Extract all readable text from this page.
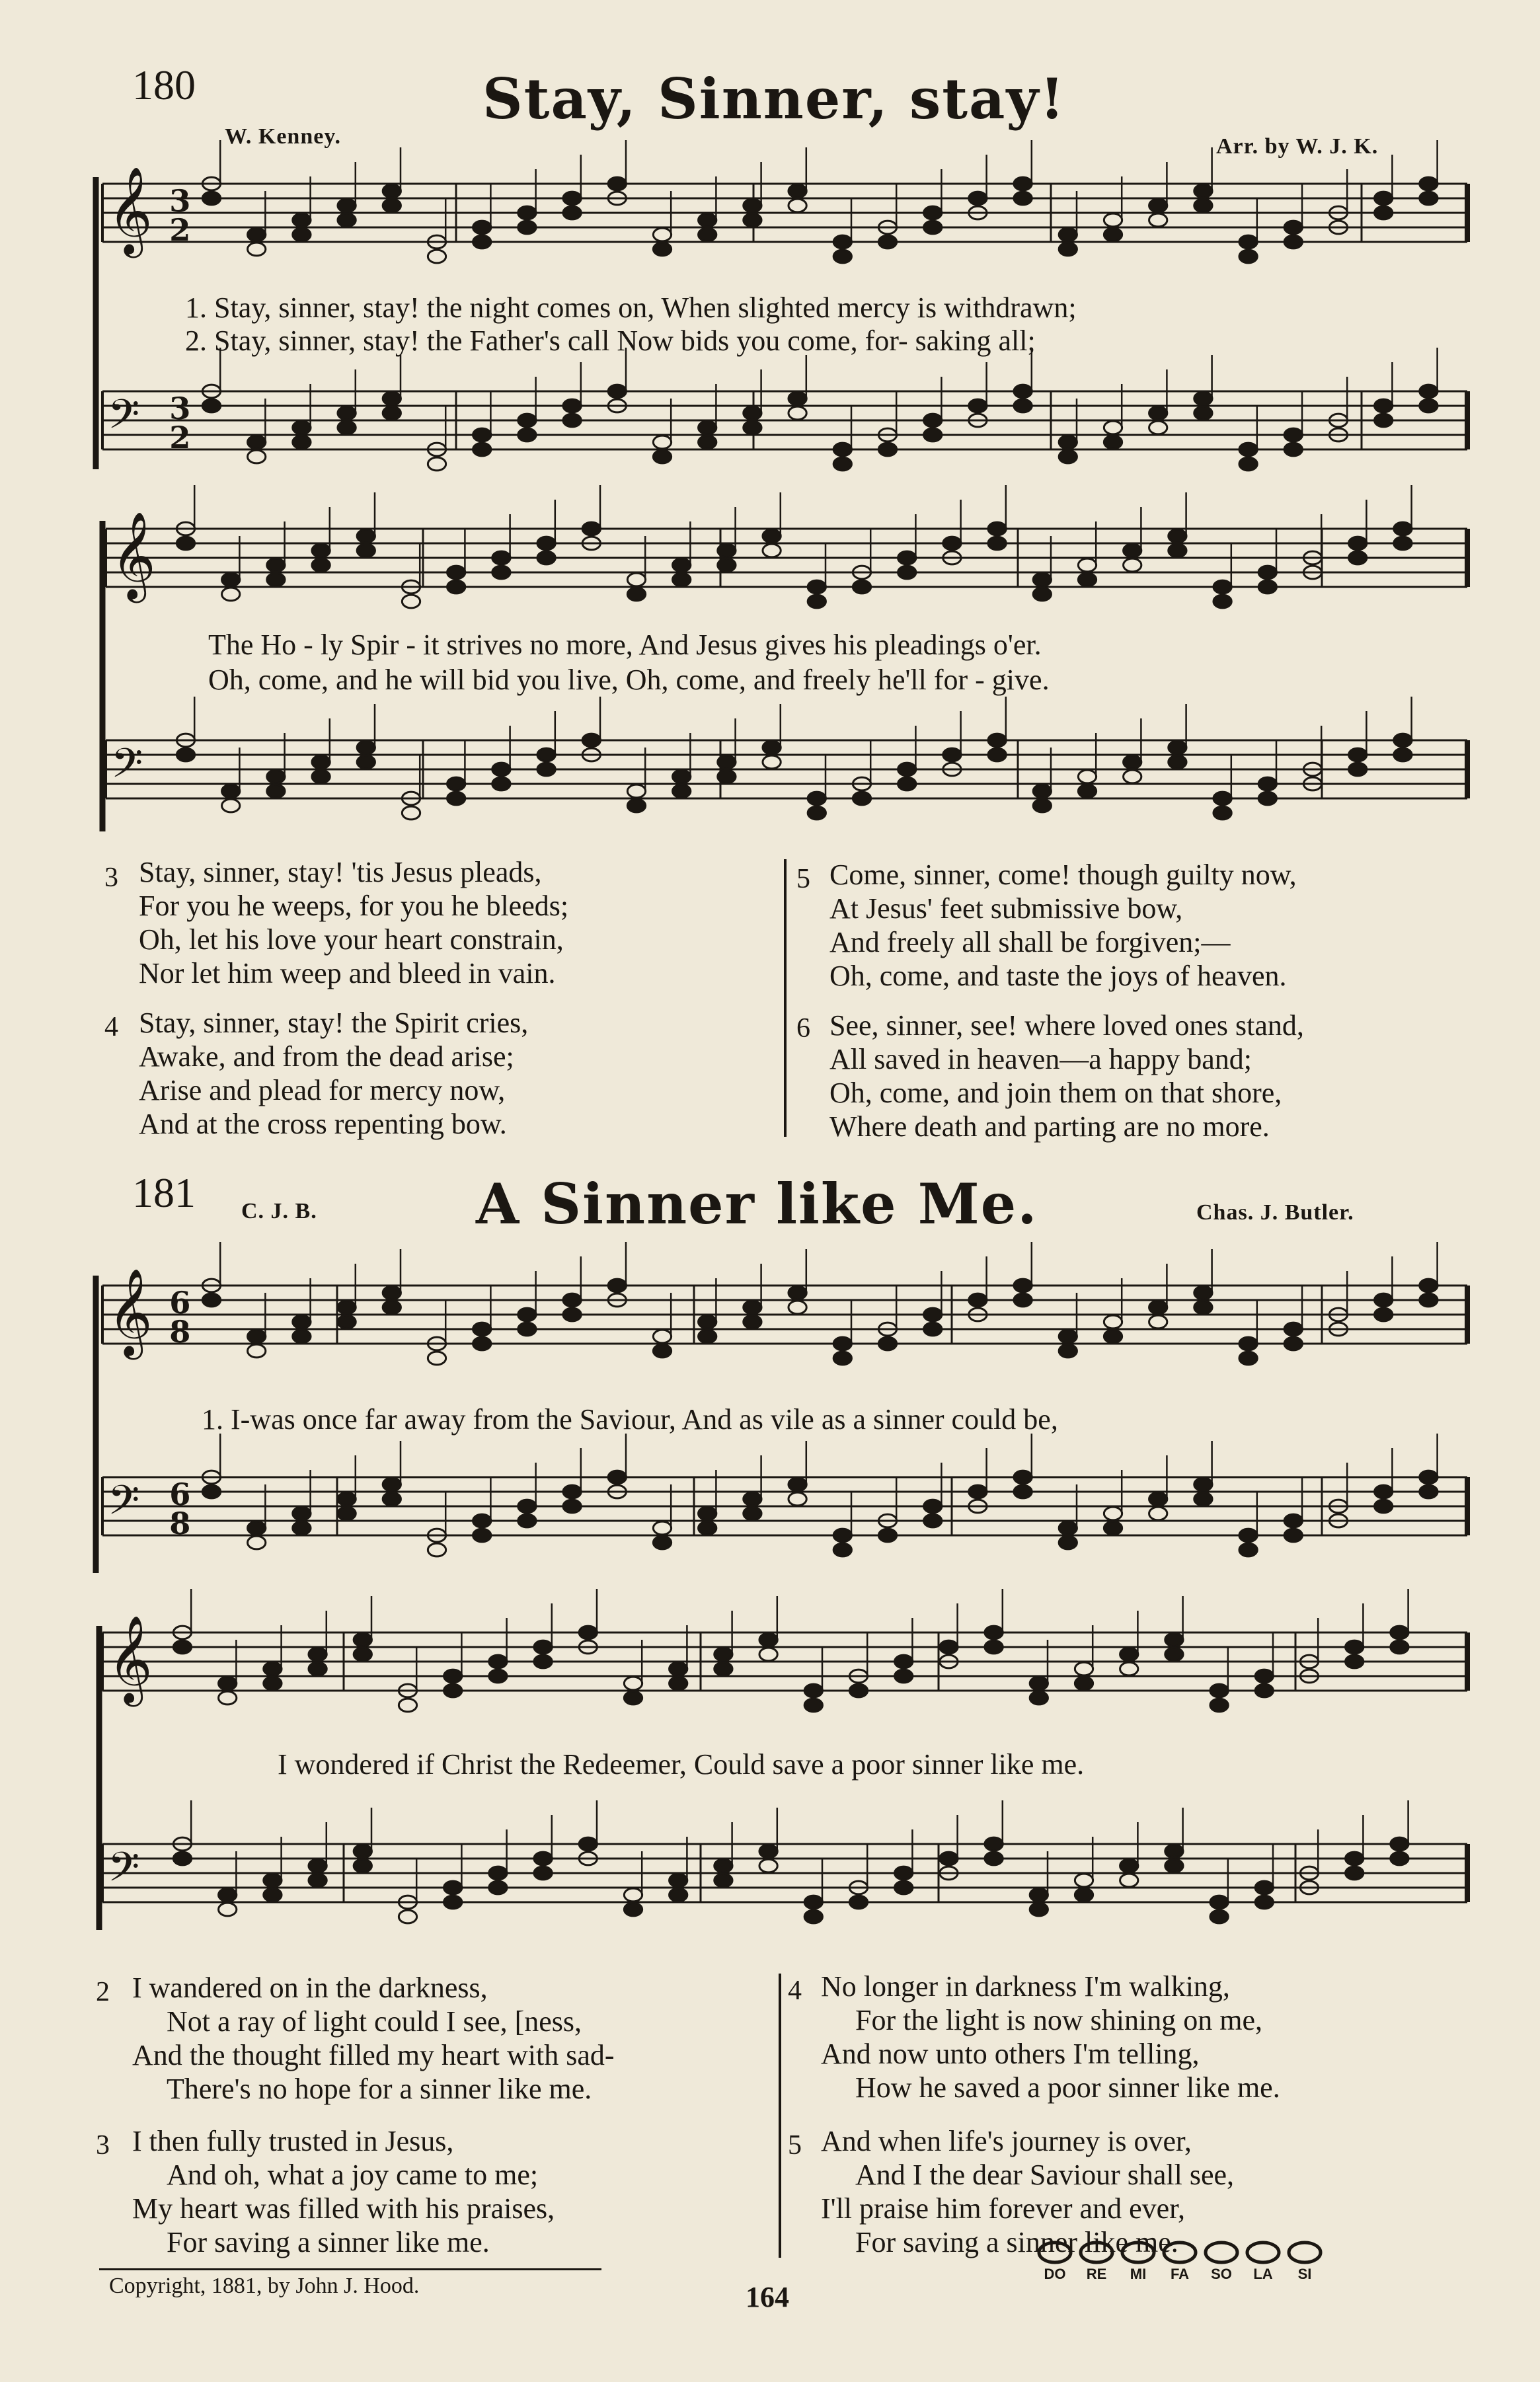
180	Stay, Sinner, stay!
W. Kenney.	Arr. by W. J. K.
𝄞 3
2
𝄢 3
2
𝄞
𝄢
𝄞 6
8
𝄢 6
8
𝄞
𝄢
1. Stay, sinner, stay! the night comes on, When slighted mercy is withdrawn;
2. Stay, sinner, stay! the Father's call Now bids you come, for- saking all;
The Ho - ly Spir - it strives no more, And Jesus gives his pleadings o'er.
Oh, come, and he will bid you live, Oh, come, and freely he'll for - give.
3 Stay, sinner, stay! 'tis Jesus pleads,
For you he weeps, for you he bleeds;
Oh, let his love your heart constrain,
Nor let him weep and bleed in vain.
4 Stay, sinner, stay! the Spirit cries,
Awake, and from the dead arise;
Arise and plead for mercy now,
And at the cross repenting bow.
5 Come, sinner, come! though guilty now,
At Jesus' feet submissive bow,
And freely all shall be forgiven;—
Oh, come, and taste the joys of heaven.
6 See, sinner, see! where loved ones stand,
All saved in heaven—a happy band;
Oh, come, and join them on that shore,
Where death and parting are no more.
181 C. J. B.	A Sinner like Me.	Chas. J. Butler.
1. I-was once far away from the Saviour, And as vile as a sinner could be,
I wondered if Christ the Redeemer, Could save a poor sinner like me.
2 I wandered on in the darkness,
Not a ray of light could I see, [ness,
And the thought filled my heart with sad-
There's no hope for a sinner like me.
3 I then fully trusted in Jesus,
And oh, what a joy came to me;
My heart was filled with his praises,
For saving a sinner like me.
4 No longer in darkness I'm walking,
For the light is now shining on me,
And now unto others I'm telling,
How he saved a poor sinner like me.
5 And when life's journey is over,
And I the dear Saviour shall see,
I'll praise him forever and ever,
For saving a sinner like me.
Copyright, 1881, by John J. Hood.	164
DO	RE	MI	FA	SO	LA	SI
